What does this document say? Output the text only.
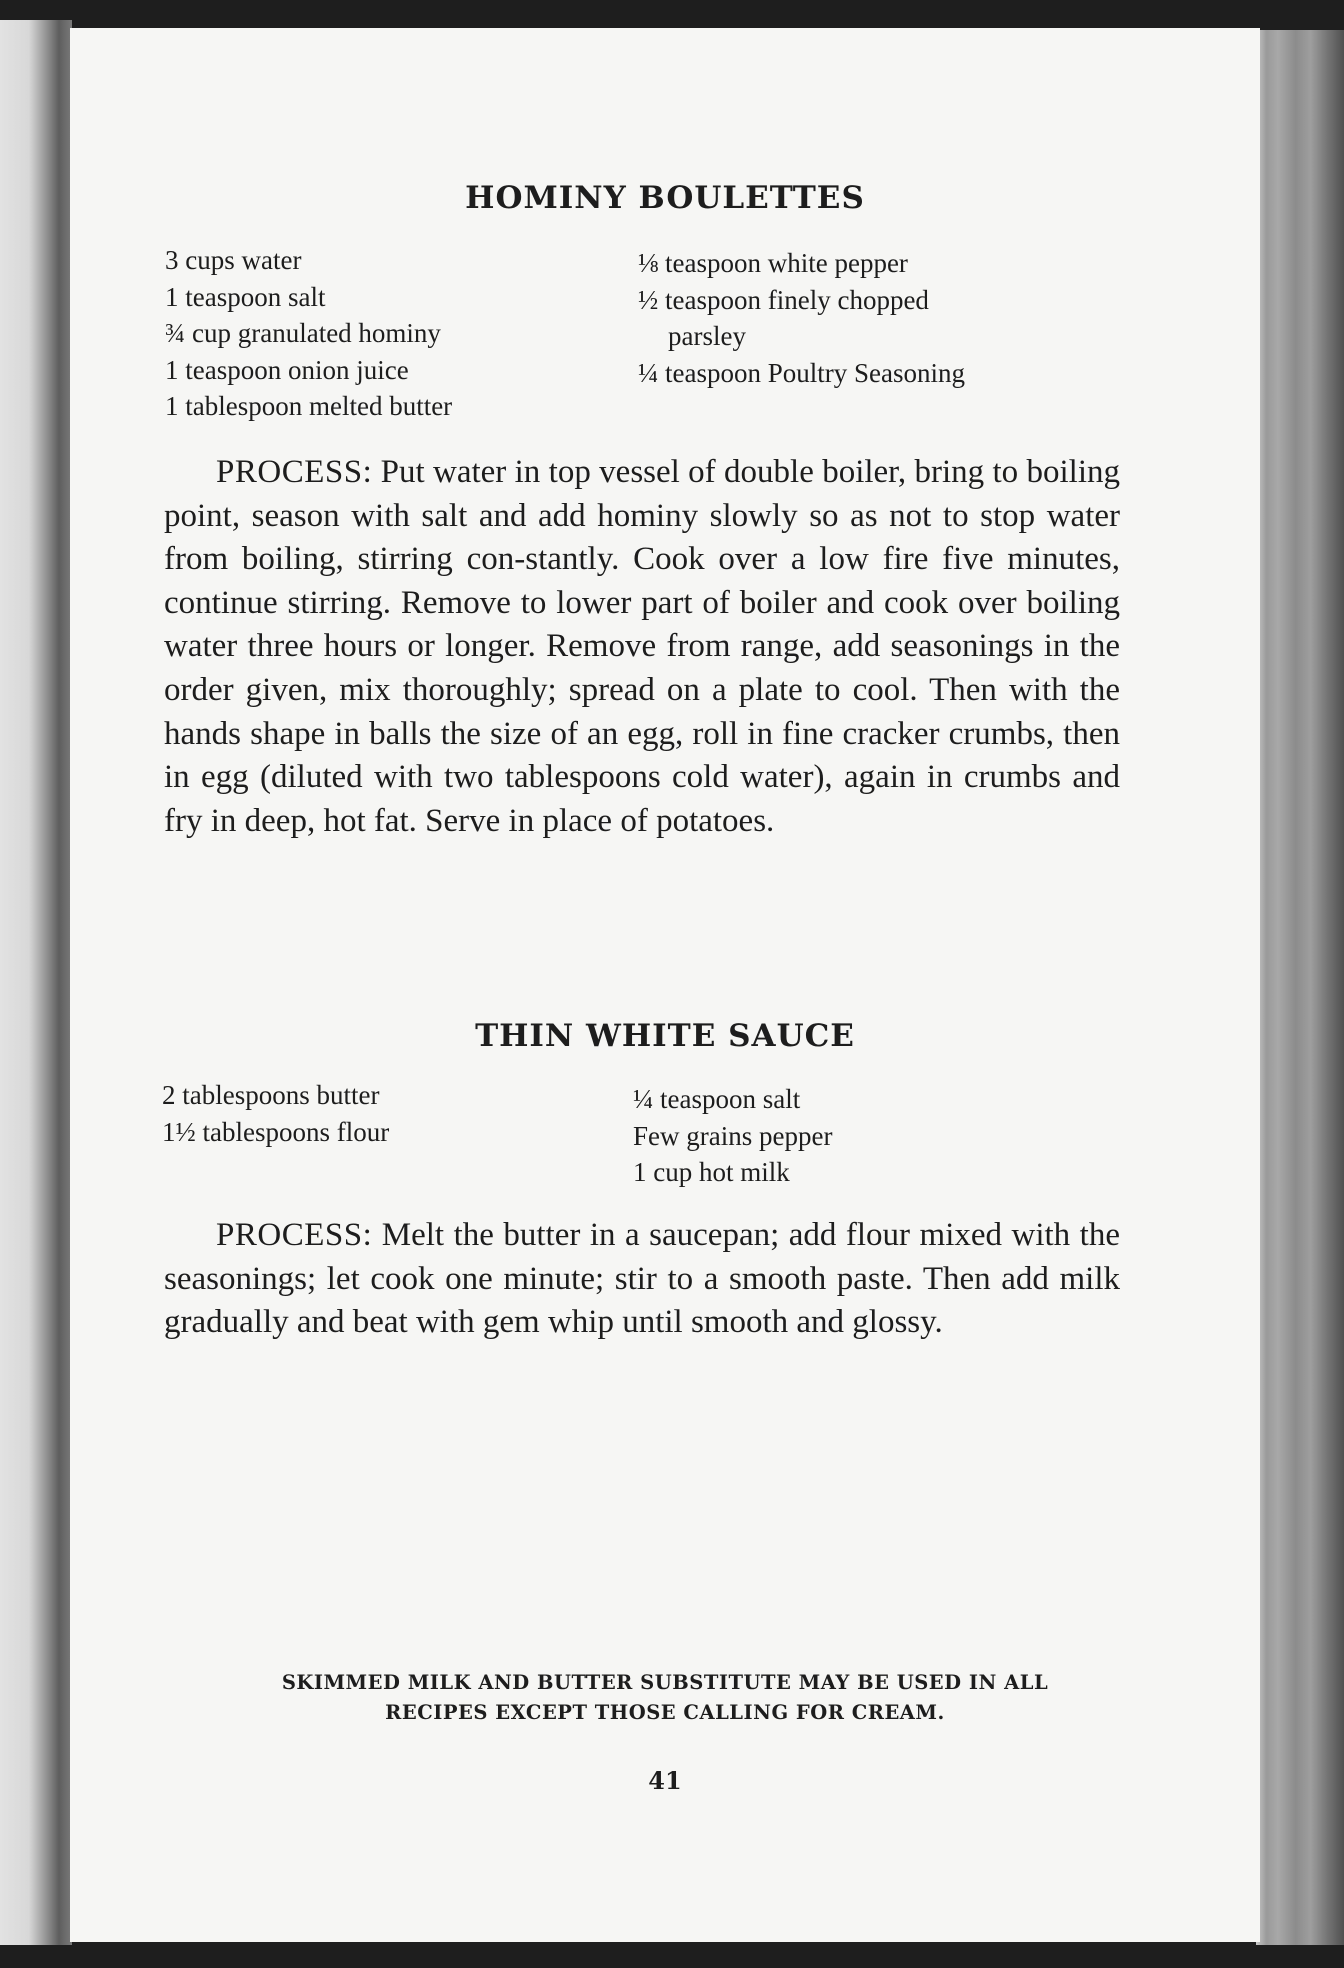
HOMINY BOULETTES
3 cups water
1 teaspoon salt
¾ cup granulated hominy
1 teaspoon onion juice
1 tablespoon melted butter
⅛ teaspoon white pepper
½ teaspoon finely chopped
parsley
¼ teaspoon Poultry Seasoning

PROCESS: Put water in top vessel of double boiler, bring to boiling point, season with salt and add hominy slowly so as not to stop water from boiling, stirring con-stantly. Cook over a low fire five minutes, continue stirring. Remove to lower part of boiler and cook over boiling water three hours or longer. Remove from range, add seasonings in the order given, mix thoroughly; spread on a plate to cool. Then with the hands shape in balls the size of an egg, roll in fine cracker crumbs, then in egg (diluted with two tablespoons cold water), again in crumbs and fry in deep, hot fat. Serve in place of potatoes.

THIN WHITE SAUCE
2 tablespoons butter
1½ tablespoons flour
¼ teaspoon salt
Few grains pepper
1 cup hot milk

PROCESS: Melt the butter in a saucepan; add flour mixed with the seasonings; let cook one minute; stir to a smooth paste. Then add milk gradually and beat with gem whip until smooth and glossy.

SKIMMED MILK AND BUTTER SUBSTITUTE MAY BE USED IN ALL
RECIPES EXCEPT THOSE CALLING FOR CREAM.
41
